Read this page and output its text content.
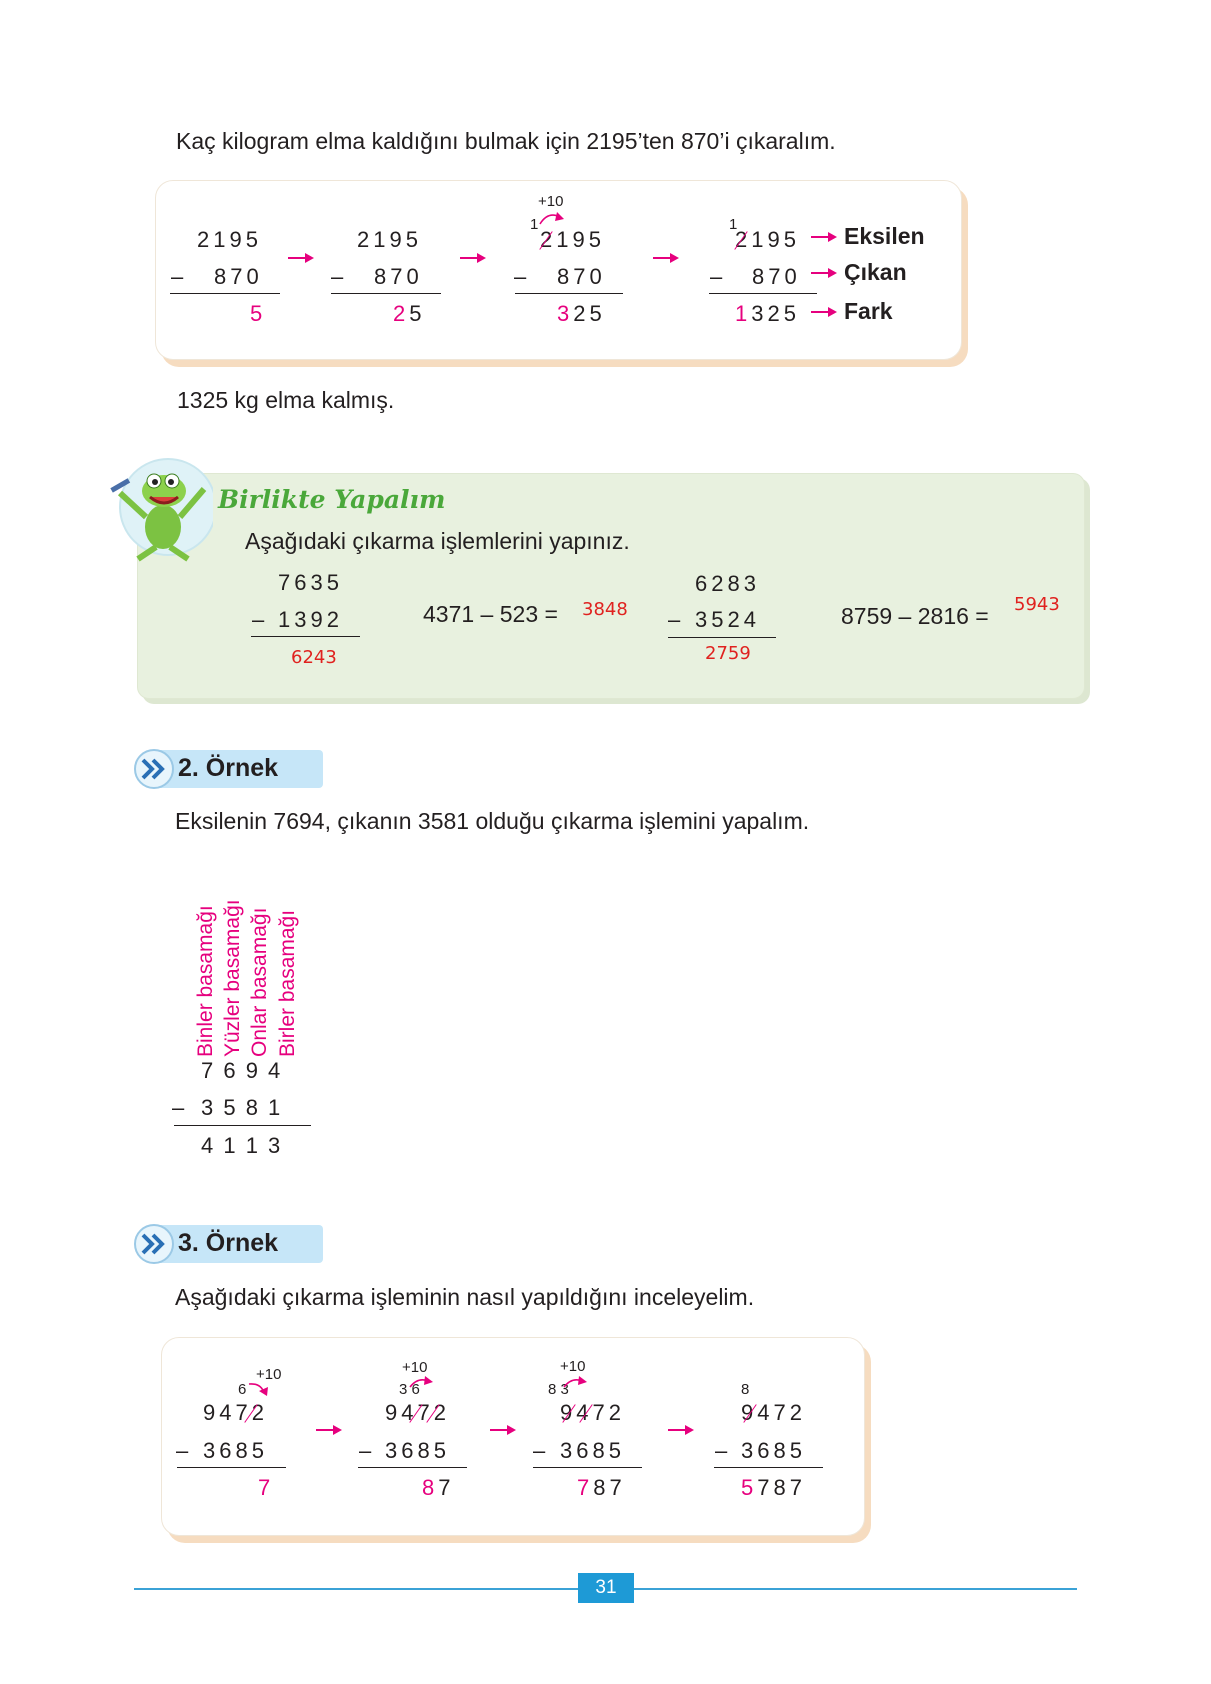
Kaç kilogram elma kaldığını bulmak için 2195’ten 870’i çıkaralım.
2195
– 870
5
2195
– 870
25
+10
1
2195
– 870
325
1
2195
– 870
1325
Eksilen
Çıkan
Fark
1325 kg elma kalmış.
Birlikte Yapalım
Aşağıdaki çıkarma işlemlerini yapınız.
7635
– 1392
6243
4371 – 523 = 3848
6283
– 3524
2759
8759 – 2816 = 5943
2. Örnek
Eksilenin 7694, çıkanın 3581 olduğu çıkarma işlemini yapalım.
Binler basamağı Yüzler basamağı Onlar basamağı Birler basamağı
7 6 9 4
– 3 5 8 1
4 1 1 3
3. Örnek
Aşağıdaki çıkarma işleminin nasıl yapıldığını inceleyelim.
+10
6
9472
– 3685
7
+10
3 6
9472
– 3685
87
+10
8 3
9472
– 3685
787
8
9472
– 3685
5787
31
